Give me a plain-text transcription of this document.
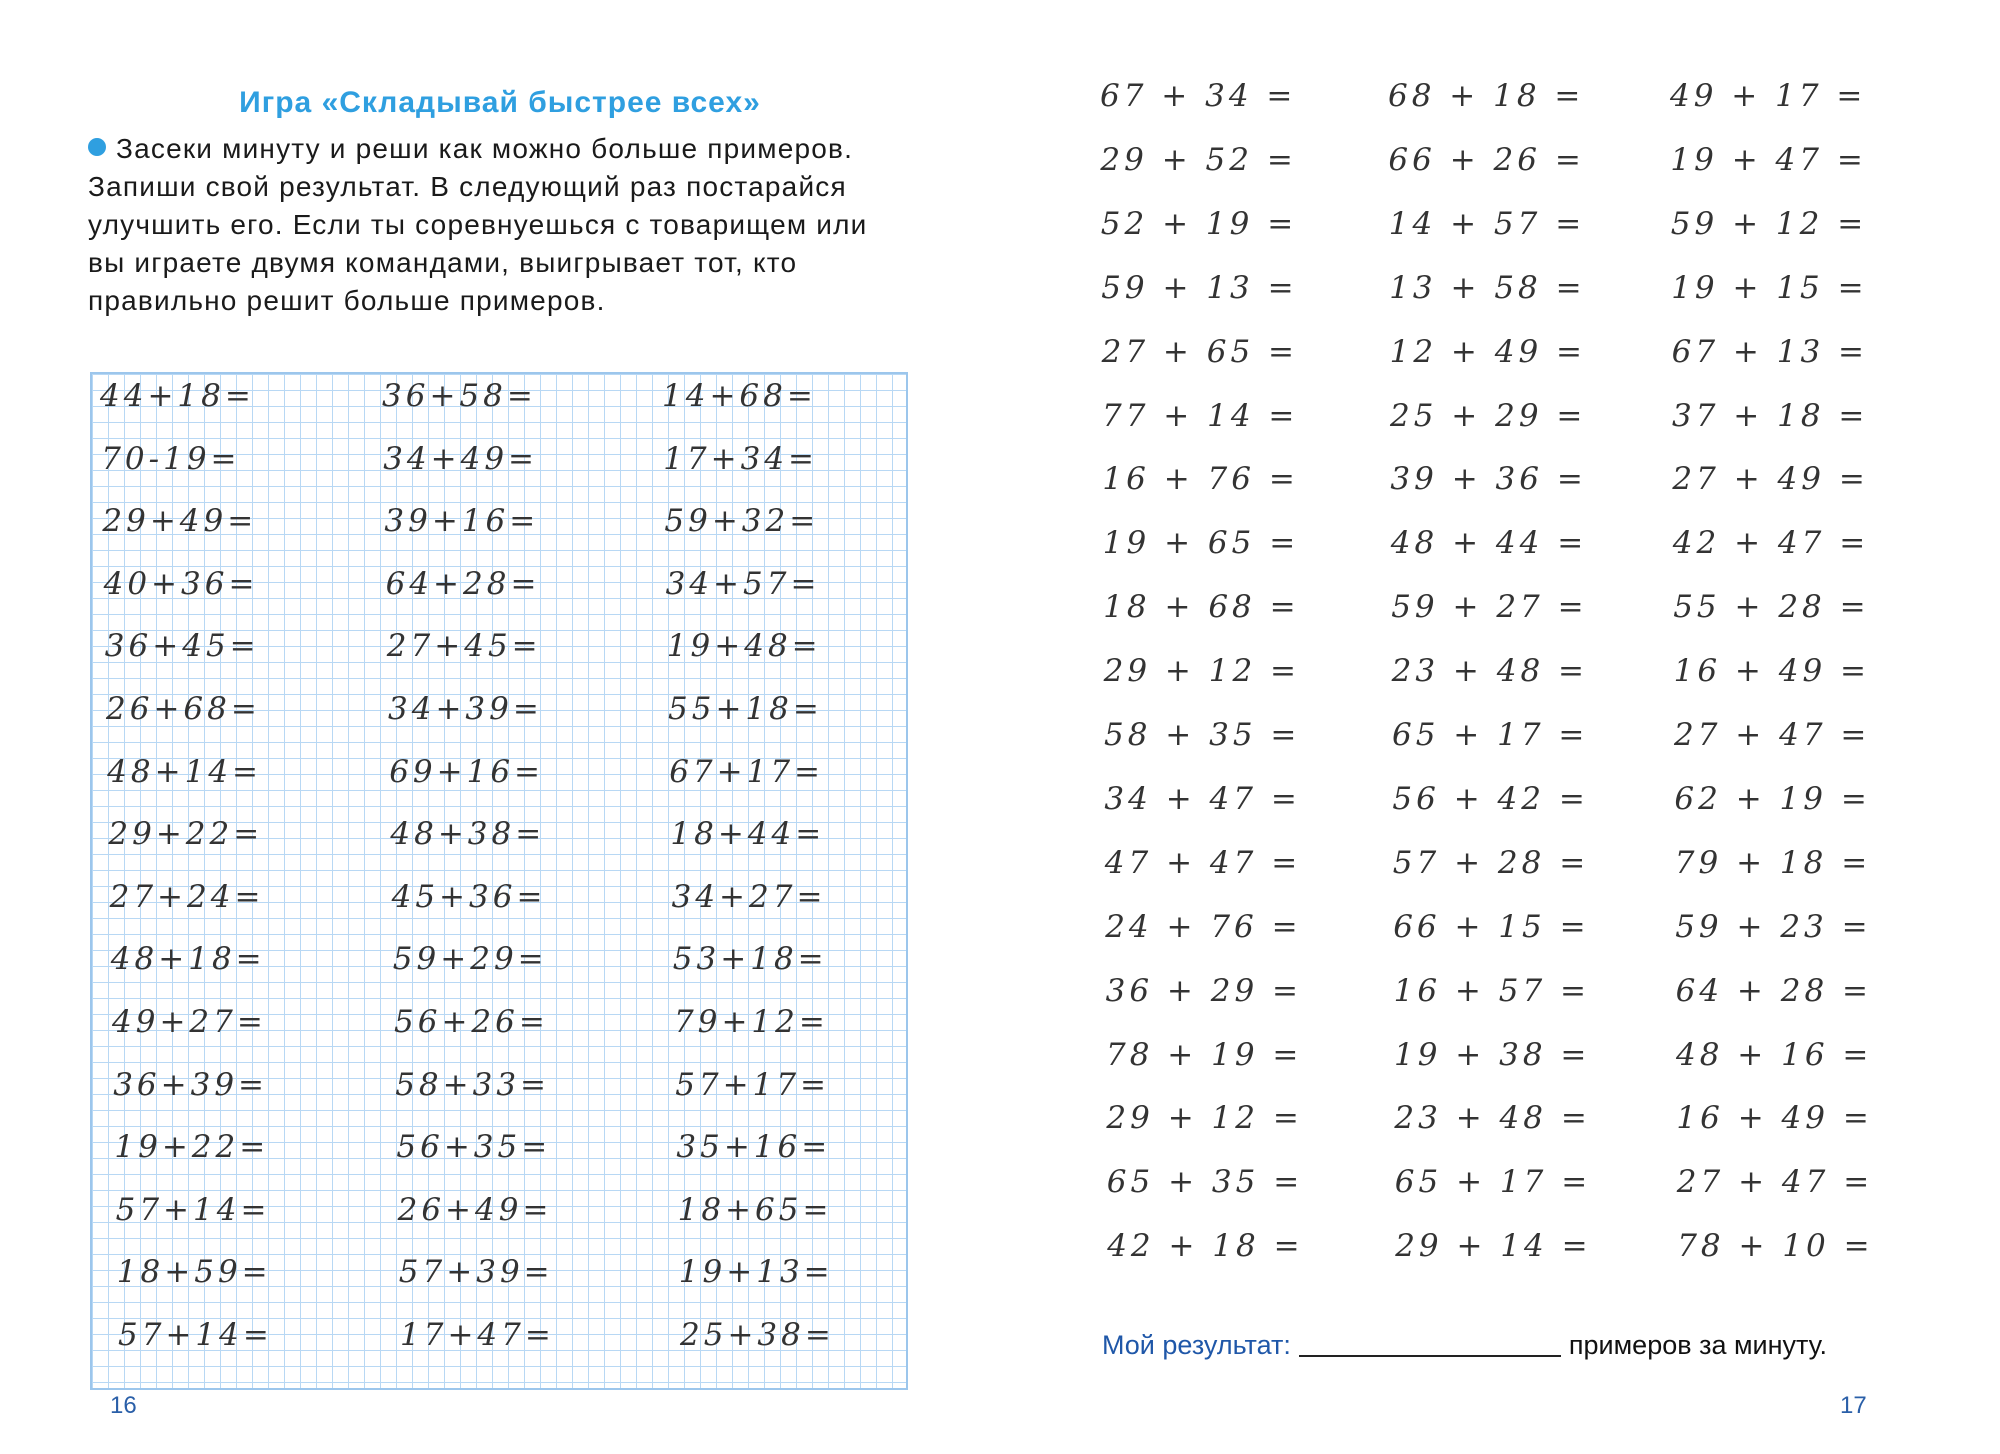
Игра «Складывай быстрее всех»
Засеки минуту и реши как можно больше примеров. Запиши свой результат. В следующий раз постарайся улучшить его. Если ты соревнуешься с товарищем или вы играете двумя командами, выигрывает тот, кто правильно решит больше примеров.
44+18=
70-19=
29+49=
40+36=
36+45=
26+68=
48+14=
29+22=
27+24=
48+18=
49+27=
36+39=
19+22=
57+14=
18+59=
57+14=
36+58=
34+49=
39+16=
64+28=
27+45=
34+39=
69+16=
48+38=
45+36=
59+29=
56+26=
58+33=
56+35=
26+49=
57+39=
17+47=
14+68=
17+34=
59+32=
34+57=
19+48=
55+18=
67+17=
18+44=
34+27=
53+18=
79+12=
57+17=
35+16=
18+65=
19+13=
25+38=
16
67 + 34 =
29 + 52 =
52 + 19 =
59 + 13 =
27 + 65 =
77 + 14 =
16 + 76 =
19 + 65 =
18 + 68 =
29 + 12 =
58 + 35 =
34 + 47 =
47 + 47 =
24 + 76 =
36 + 29 =
78 + 19 =
29 + 12 =
65 + 35 =
42 + 18 =
68 + 18 =
66 + 26 =
14 + 57 =
13 + 58 =
12 + 49 =
25 + 29 =
39 + 36 =
48 + 44 =
59 + 27 =
23 + 48 =
65 + 17 =
56 + 42 =
57 + 28 =
66 + 15 =
16 + 57 =
19 + 38 =
23 + 48 =
65 + 17 =
29 + 14 =
49 + 17 =
19 + 47 =
59 + 12 =
19 + 15 =
67 + 13 =
37 + 18 =
27 + 49 =
42 + 47 =
55 + 28 =
16 + 49 =
27 + 47 =
62 + 19 =
79 + 18 =
59 + 23 =
64 + 28 =
48 + 16 =
16 + 49 =
27 + 47 =
78 + 10 =
Мой результат:	примеров за минуту.
17
